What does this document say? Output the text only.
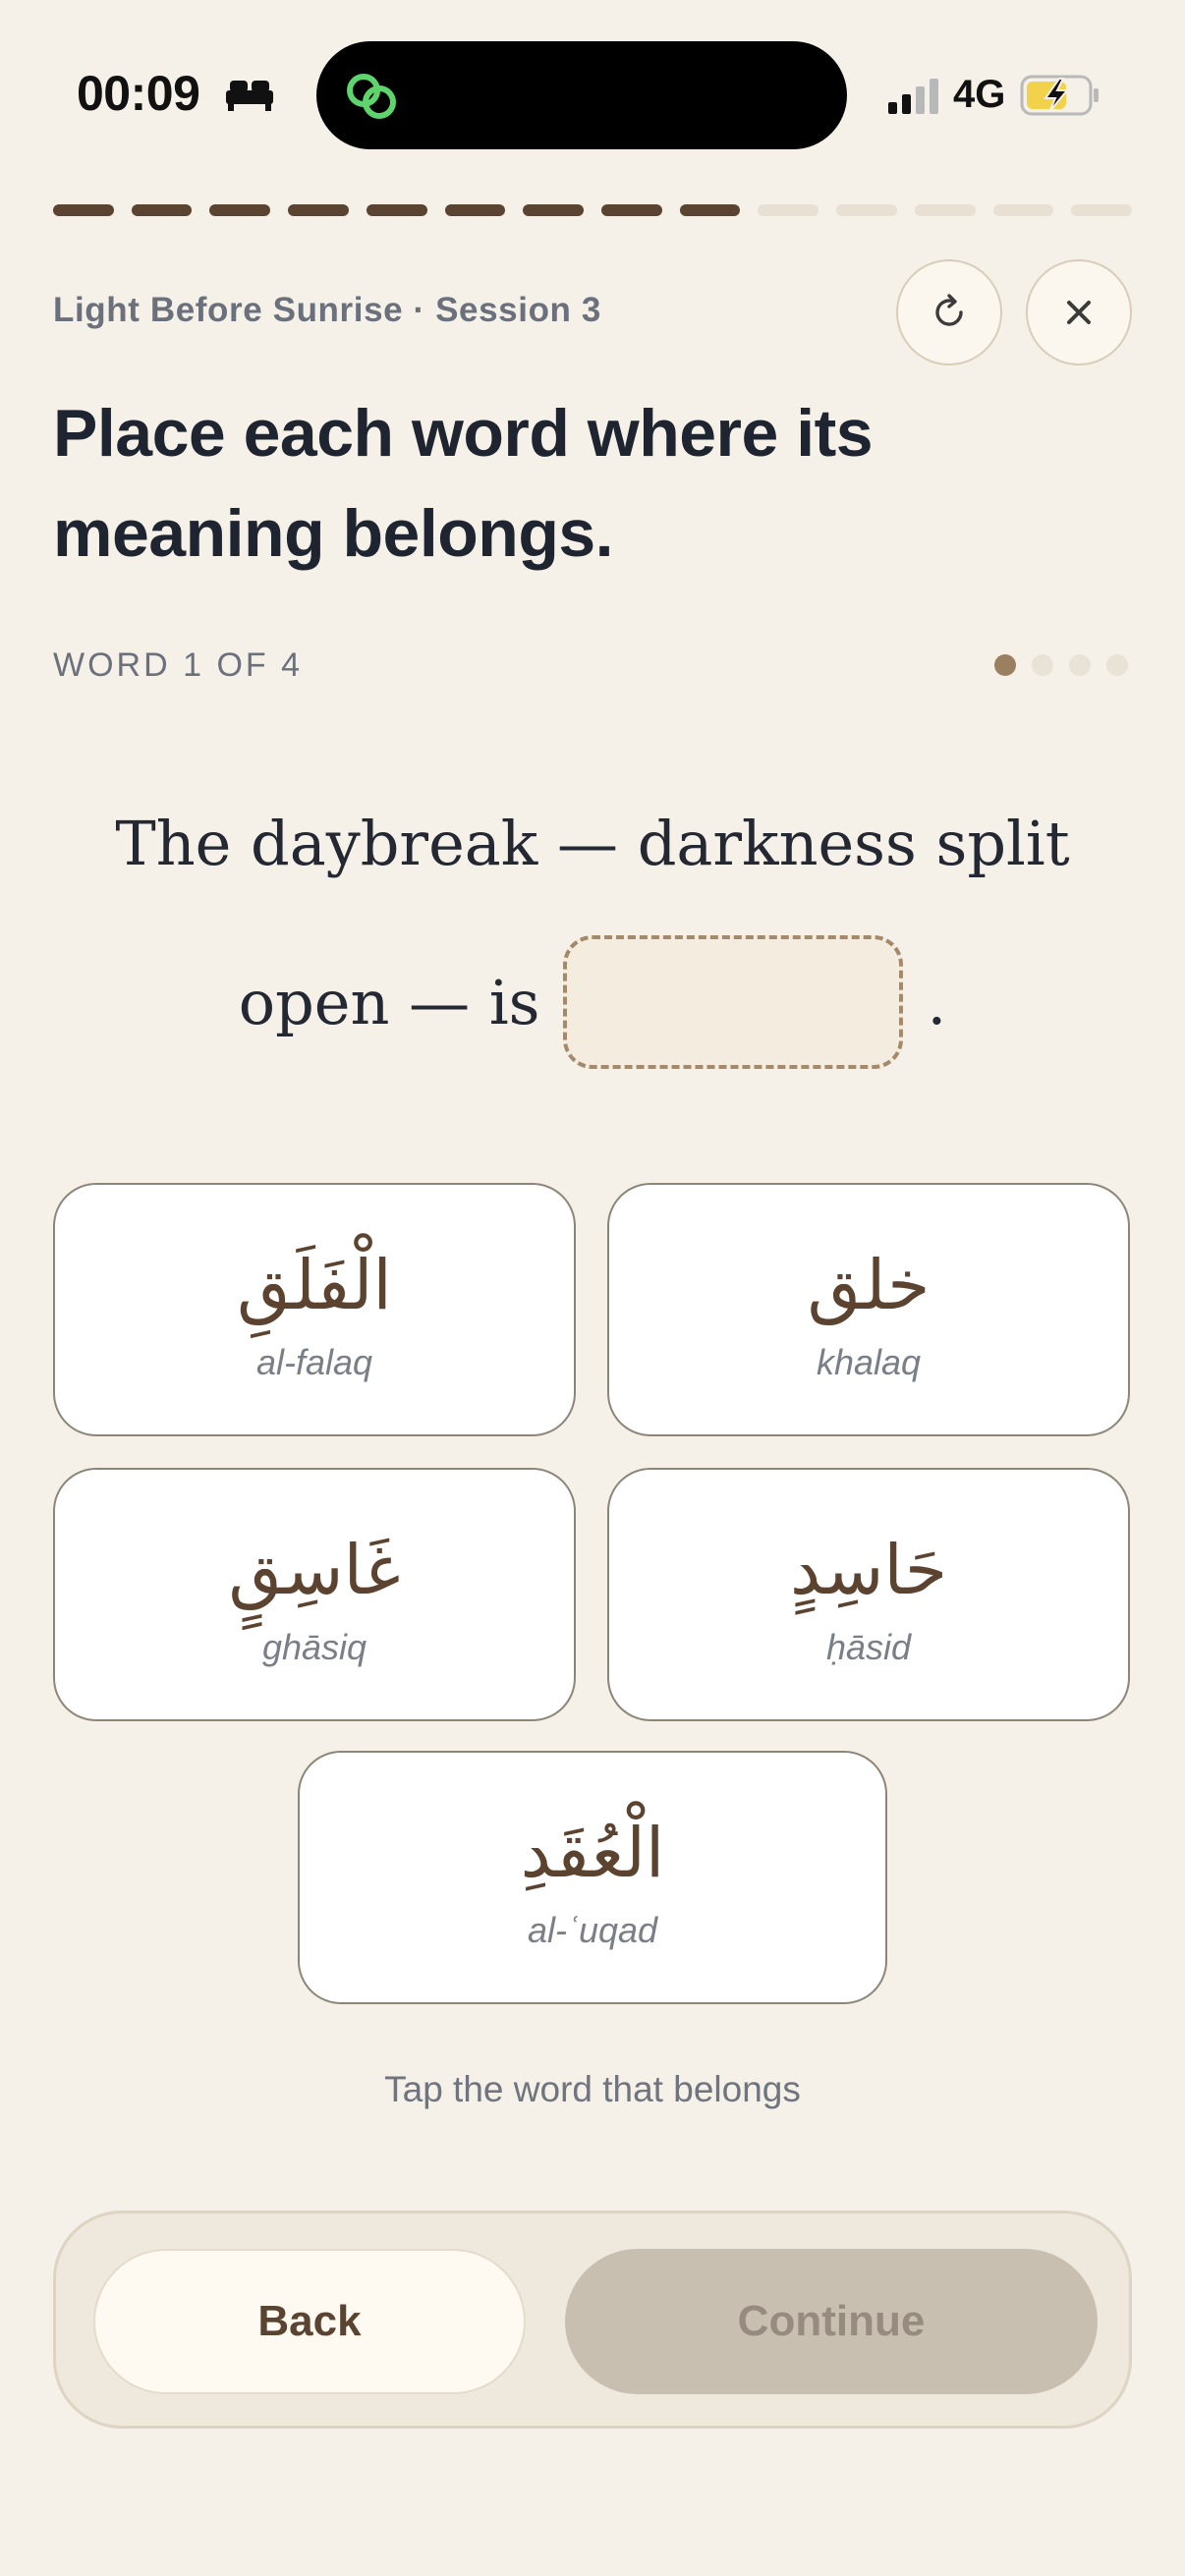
00:09	4G
Light Before Sunrise · Session 3
Place each word where its meaning belongs.
WORD 1 OF 4
The daybreak — darkness split
open — is	.
الْفَلَقِ
al-falaq
خلق
khalaq
غَاسِقٍ
ghāsiq
حَاسِدٍ
ḥāsid
الْعُقَدِ
al-ʿuqad
Tap the word that belongs
Back	Continue
